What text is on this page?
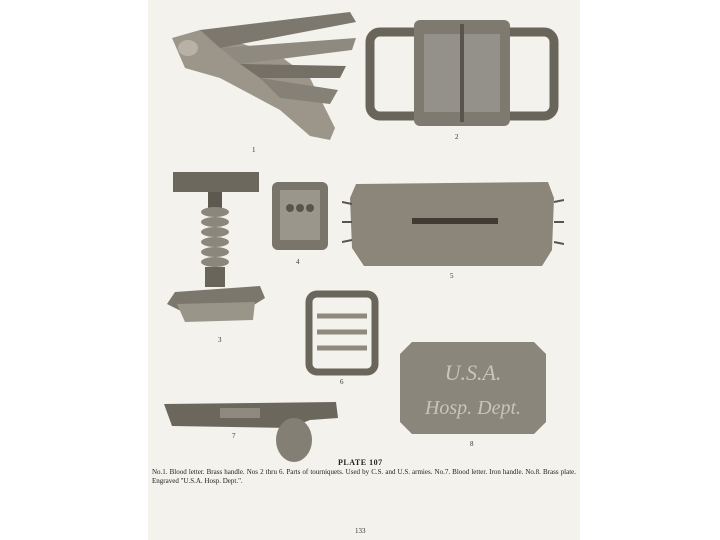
1
2
3
4
5
6
7
U.S.A.
Hosp. Dept.
8
PLATE 107
No.1. Blood letter. Brass handle. Nos 2 thru 6. Parts of tourniquets. Used by C.S. and U.S. armies. No.7. Blood letter. Iron handle. No.8. Brass plate. Engraved "U.S.A. Hosp. Dept.".
133
